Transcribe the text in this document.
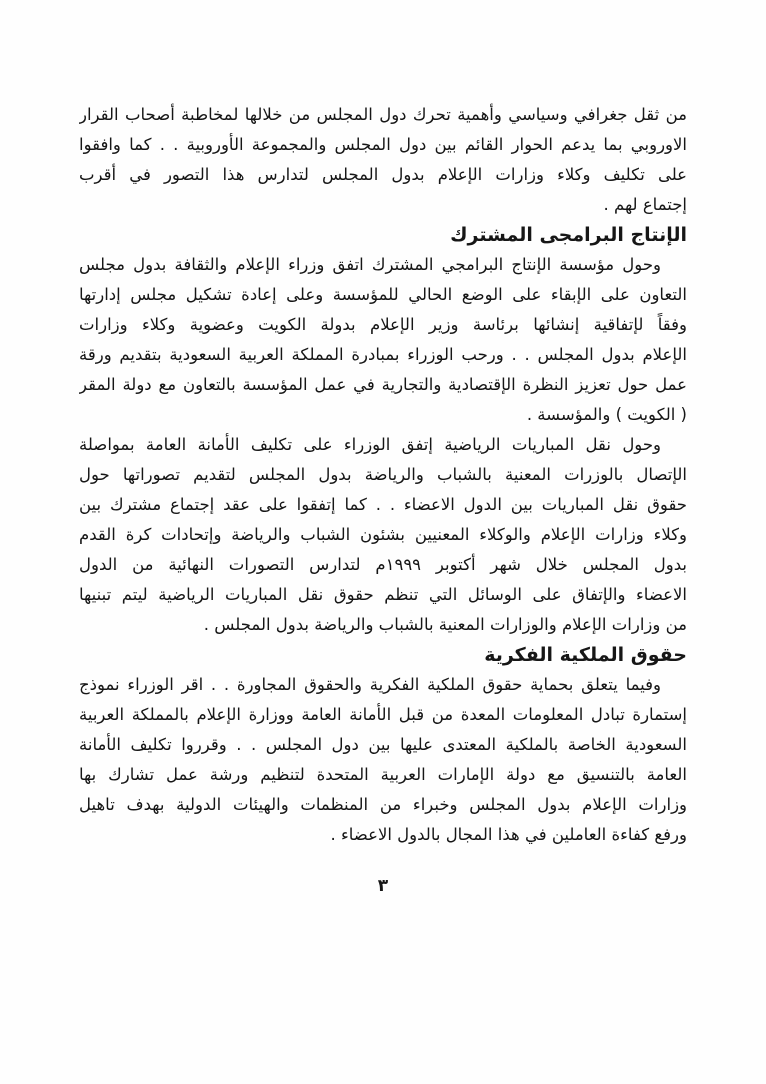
من ثقل جغرافي وسياسي وأهمية تحرك دول المجلس من خلالها لمخاطبة أصحاب القرار
الاوروبي بما يدعم الحوار القائم بين دول المجلس والمجموعة الأوروبية . . كما وافقوا
على تكليف وكلاء وزارات الإعلام بدول المجلس لتدارس هذا التصور في أقرب
إجتماع لهم .
الإنتاج البرامجى المشترك
وحول مؤسسة الإنتاج البرامجي المشترك اتفق وزراء الإعلام والثقافة بدول مجلس
التعاون على الإبقاء على الوضع الحالي للمؤسسة وعلى إعادة تشكيل مجلس إدارتها
وفقاً لإتفاقية إنشائها برئاسة وزير الإعلام بدولة الكويت وعضوية وكلاء وزارات
الإعلام بدول المجلس . . ورحب الوزراء بمبادرة المملكة العربية السعودية بتقديم ورقة
عمل حول تعزيز النظرة الإقتصادية والتجارية في عمل المؤسسة بالتعاون مع دولة المقر
( الكويت ) والمؤسسة .
وحول نقل المباريات الرياضية إتفق الوزراء على تكليف الأمانة العامة بمواصلة
الإتصال بالوزرات المعنية بالشباب والرياضة بدول المجلس لتقديم تصوراتها حول
حقوق نقل المباريات بين الدول الاعضاء . . كما إتفقوا على عقد إجتماع مشترك بين
وكلاء وزارات الإعلام والوكلاء المعنيين بشئون الشباب والرياضة وإتحادات كرة القدم
بدول المجلس خلال شهر أكتوبر ١٩٩٩م لتدارس التصورات النهائية من الدول
الاعضاء والإتفاق على الوسائل التي تنظم حقوق نقل المباريات الرياضية ليتم تبنيها
من وزارات الإعلام والوزارات المعنية بالشباب والرياضة بدول المجلس .
حقوق الملكية الفكرية
وفيما يتعلق بحماية حقوق الملكية الفكرية والحقوق المجاورة . . اقر الوزراء نموذج
إستمارة تبادل المعلومات المعدة من قبل الأمانة العامة ووزارة الإعلام بالمملكة العربية
السعودية الخاصة بالملكية المعتدى عليها بين دول المجلس . . وقرروا تكليف الأمانة
العامة بالتنسيق مع دولة الإمارات العربية المتحدة لتنظيم ورشة عمل تشارك بها
وزارات الإعلام بدول المجلس وخبراء من المنظمات والهيئات الدولية بهدف تاهيل
ورفع كفاءة العاملين في هذا المجال بالدول الاعضاء .
٣
